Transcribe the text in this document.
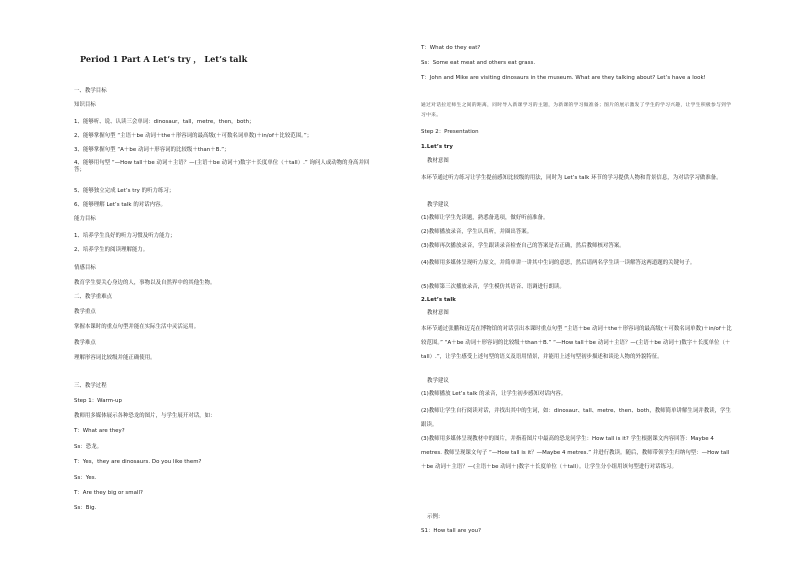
Period 1 Part A Let’s try ， Let’s talk
一、教学目标
知识目标
1、能够听、说、认读三会单词：dinosaur，tall，metre，then，both；
2、能够掌握句型 “主语＋be 动词＋the＋形容词的最高级(＋可数名词单数)＋in/of＋比较范围。”；
3、能够掌握句型 “A＋be 动词＋形容词的比较级＋than＋B.”；
4、能够用句型 “—How tall＋be 动词＋主语？—(主语＋be 动词＋)数字＋长度单位（＋tall）.” 询问人或动物的身高并回答；
5、能够独立完成 Let’s try 的听力练习；
6、能够理解 Let’s talk 的对话内容。
能力目标
1、培养学生良好的听力习惯及听力能力；
2、培养学生的阅读理解能力。
情感目标
教育学生要关心身边的人，事物以及自然界中的其他生物。
二、教学重难点
教学重点
掌握本课时的重点句型并能在实际生活中灵活运用。
教学难点
理解形容词比较级并能正确使用。
三、教学过程
Step 1：Warm-up
教师用多媒体展示各种恐龙的图片，与学生展开对话，如：
T：What are they?
Ss：恐龙。
T：Yes，they are dinosaurs. Do you like them?
Ss：Yes.
T：Are they big or small?
Ss：Big.
T：What do they eat?
Ss：Some eat meat and others eat grass.
T：John and Mike are visiting dinosaurs in the museum. What are they talking about? Let’s have a look!
通过对话拉近师生之间的距离，同时导入新课学习的主题，为新课的学习做准备；图片的展示激发了学生的学习兴趣，让学生积极参与到学习中来。
Step 2：Presentation
1.Let’s try
教材意图
本环节通过听力练习让学生提前感知比较级的用法，同时为 Let’s talk 环节的学习提供人物和背景信息，为对话学习做准备。
教学建议
(1)教师让学生先读题，熟悉备选项，做好听前准备。
(2)教师播放录音，学生认真听，并圈出答案。
(3)教师再次播放录音，学生跟读录音检查自己的答案是否正确，然后教师核对答案。
(4)教师用多媒体呈现听力原文，并简单讲一讲其中生词的意思，然后请两名学生读一读解答这两道题的关键句子。
(5)教师第三次播放录音，学生模仿其语音、语调进行朗读。
2.Let’s talk
教材意图
本环节通过张鹏和迈克在博物馆的对话引出本课时重点句型 “主语＋be 动词＋the＋形容词的最高级(＋可数名词单数)＋in/of＋比较范围。” “A＋be 动词＋形容词的比较级＋than＋B.” “—How tall＋be 动词＋主语？—(主语＋be 动词＋)数字＋长度单位（＋tall）.”，让学生感受上述句型的语义及语用情景，并能用上述句型初步描述和谈论人物的外貌特征。
教学建议
(1)教师播放 Let’s talk 的录音，让学生初步感知对话内容。
(2)教师让学生自行阅读对话，并找出其中的生词，如：dinosaur、tall、metre、then、both，教师简单讲解生词并教读，学生跟读。
(3)教师用多媒体呈现教材中的图片，并指着图片中最高的恐龙问学生：How tall is it? 学生根据课文内容回答：Maybe 4 metres. 教师呈现课文句子 “—How tall is it？—Maybe 4 metres.” 并进行教读。随后，教师带领学生归纳句型：—How tall＋be 动词＋主语？—(主语＋be 动词＋)数字＋长度单位（＋tall）。让学生分小组用该句型进行对话练习。
示例：
S1：How tall are you?
